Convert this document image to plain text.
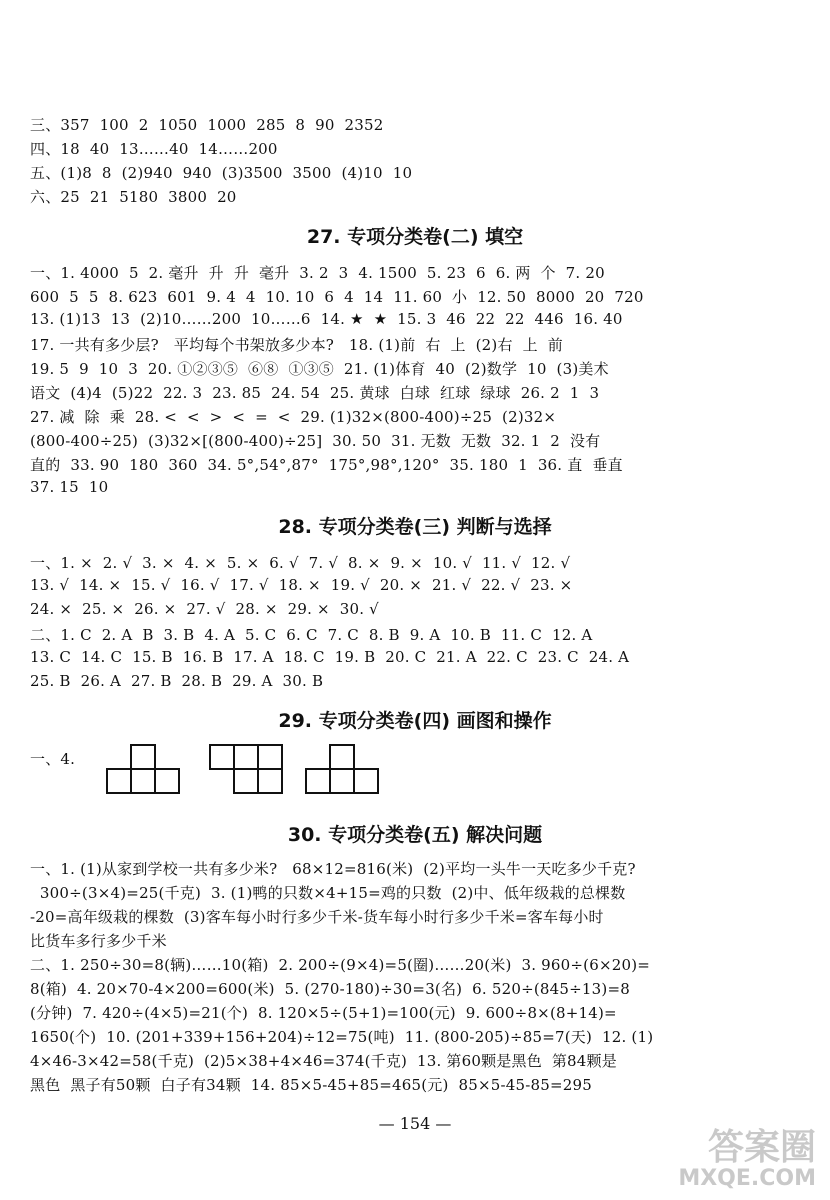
三、357  100  2  1050  1000  285  8  90  2352
四、18  40  13……40  14……200
五、(1)8  8  (2)940  940  (3)3500  3500  (4)10  10
六、25  21  5180  3800  20
27. 专项分类卷(二) 填空
一、1. 4000  5  2. 毫升  升  升  毫升  3. 2  3  4. 1500  5. 23  6  6. 两  个  7. 20
600  5  5  8. 623  601  9. 4  4  10. 10  6  4  14  11. 60  小  12. 50  8000  20  720
13. (1)13  13  (2)10……200  10……6  14. ★  ★  15. 3  46  22  22  446  16. 40
17. 一共有多少层?   平均每个书架放多少本?   18. (1)前  右  上  (2)右  上  前
19. 5  9  10  3  20. ①②③⑤  ⑥⑧  ①③⑤  21. (1)体育  40  (2)数学  10  (3)美术
语文  (4)4  (5)22  22. 3  23. 85  24. 54  25. 黄球  白球  红球  绿球  26. 2  1  3
27. 减  除  乘  28. <  <  >  <  =  <  29. (1)32×(800-400)÷25  (2)32×
(800-400÷25)  (3)32×[(800-400)÷25]  30. 50  31. 无数  无数  32. 1  2  没有
直的  33. 90  180  360  34. 5°,54°,87°  175°,98°,120°  35. 180  1  36. 直  垂直
37. 15  10
28. 专项分类卷(三) 判断与选择
一、1. ×  2. √  3. ×  4. ×  5. ×  6. √  7. √  8. ×  9. ×  10. √  11. √  12. √
13. √  14. ×  15. √  16. √  17. √  18. ×  19. √  20. ×  21. √  22. √  23. ×
24. ×  25. ×  26. ×  27. √  28. ×  29. ×  30. √
二、1. C  2. A  B  3. B  4. A  5. C  6. C  7. C  8. B  9. A  10. B  11. C  12. A
13. C  14. C  15. B  16. B  17. A  18. C  19. B  20. C  21. A  22. C  23. C  24. A
25. B  26. A  27. B  28. B  29. A  30. B
29. 专项分类卷(四) 画图和操作
一、4.
30. 专项分类卷(五) 解决问题
一、1. (1)从家到学校一共有多少米?   68×12=816(米)  (2)平均一头牛一天吃多少千克?
300÷(3×4)=25(千克)  3. (1)鸭的只数×4+15=鸡的只数  (2)中、低年级栽的总棵数
-20=高年级栽的棵数  (3)客车每小时行多少千米-货车每小时行多少千米=客车每小时
比货车多行多少千米
二、1. 250÷30=8(辆)……10(箱)  2. 200÷(9×4)=5(圈)……20(米)  3. 960÷(6×20)=
8(箱)  4. 20×70-4×200=600(米)  5. (270-180)÷30=3(名)  6. 520÷(845÷13)=8
(分钟)  7. 420÷(4×5)=21(个)  8. 120×5÷(5+1)=100(元)  9. 600÷8×(8+14)=
1650(个)  10. (201+339+156+204)÷12=75(吨)  11. (800-205)÷85=7(天)  12. (1)
4×46-3×42=58(千克)  (2)5×38+4×46=374(千克)  13. 第60颗是黑色  第84颗是
黑色  黑子有50颗  白子有34颗  14. 85×5-45+85=465(元)  85×5-45-85=295
— 154 —
答案圈
MXQE.COM
